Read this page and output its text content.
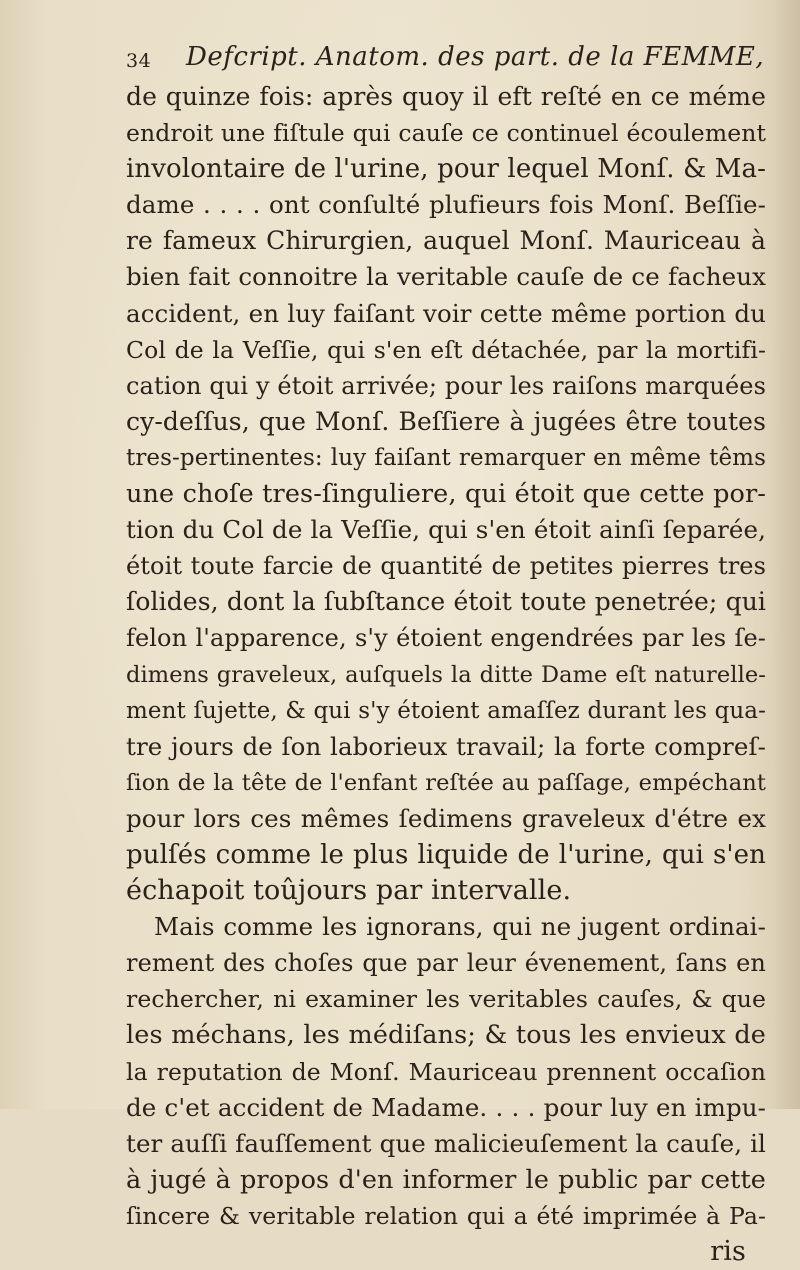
34 Defcript. Anatom. des part. de la FEMME,
de quinze fois: après quoy il eft reſté en ce méme
endroit une fiſtule qui cauſe ce continuel écoulement
involontaire de l'urine, pour lequel Monſ. & Ma-
dame . . . . ont conſulté plufieurs fois Monſ. Beſſie-
re fameux Chirurgien, auquel Monſ. Mauriceau à
bien fait connoitre la veritable cauſe de ce facheux
accident, en luy faiſant voir cette même portion du
Col de la Veſſie, qui s'en eſt détachée, par la mortifi-
cation qui y étoit arrivée; pour les raiſons marquées
cy-deſſus, que Monſ. Beſſiere à jugées être toutes
tres-pertinentes: luy faiſant remarquer en même têms
une choſe tres-ſinguliere, qui étoit que cette por-
tion du Col de la Veſſie, qui s'en étoit ainſi ſeparée,
étoit toute farcie de quantité de petites pierres tres
ſolides, dont la ſubſtance étoit toute penetrée; qui
felon l'apparence, s'y étoient engendrées par les ſe-
dimens graveleux, auſquels la ditte Dame eſt naturelle-
ment ſujette, & qui s'y étoient amaſſez durant les qua-
tre jours de ſon laborieux travail; la forte compreſ-
ſion de la tête de l'enfant reſtée au paſſage, empéchant
pour lors ces mêmes ſedimens graveleux d'étre ex
pulſés comme le plus liquide de l'urine, qui s'en
échapoit toûjours par intervalle.
Mais comme les ignorans, qui ne jugent ordinai-
rement des choſes que par leur évenement, ſans en
rechercher, ni examiner les veritables cauſes, & que
les méchans, les médiſans; & tous les envieux de
la reputation de Monſ. Mauriceau prennent occaſion
de c'et accident de Madame. . . . pour luy en impu-
ter auſſi fauſſement que malicieuſement la cauſe, il
à jugé à propos d'en informer le public par cette
ſincere & veritable relation qui a été imprimée à Pa-
ris
